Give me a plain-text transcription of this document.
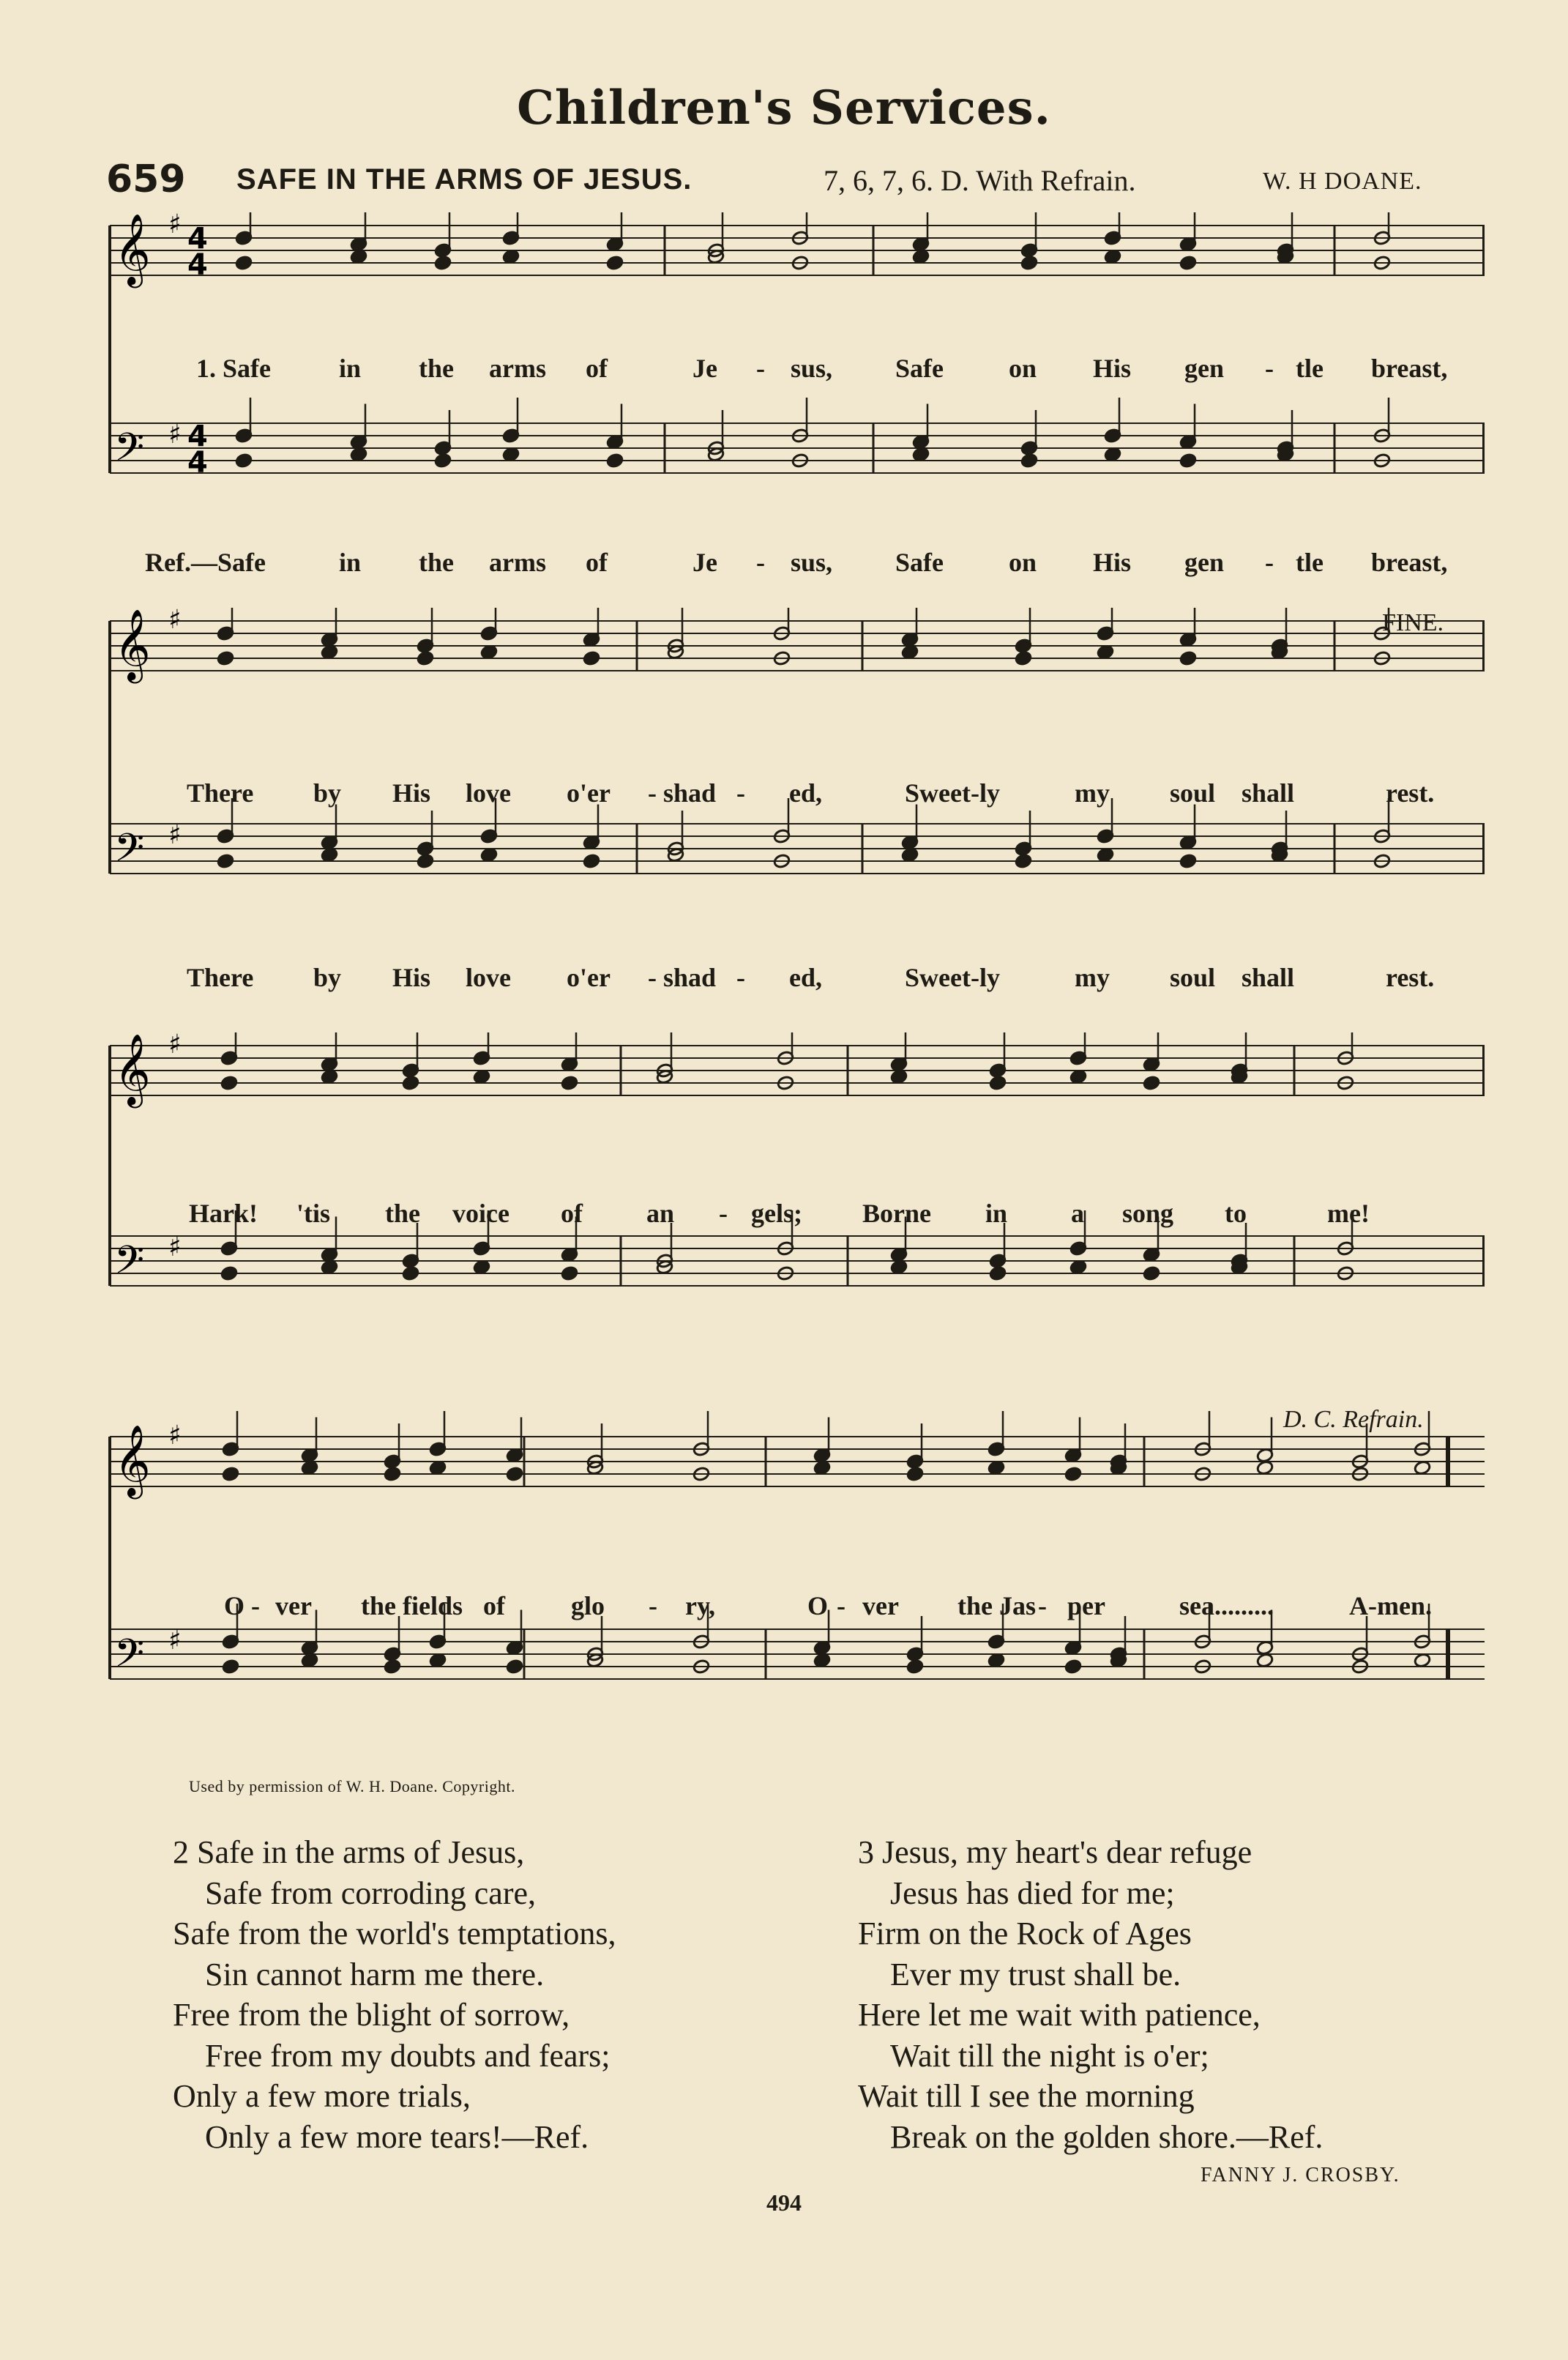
Children's Services.
659 SAFE IN THE ARMS OF JESUS.	7, 6, 7, 6. D. With Refrain.	W. H DOANE.
𝄞 ♯ 4
4
𝄢 ♯ 4
4
1. Safe	in the arms of	Je - sus, Safe on His gen - tle breast,
Ref.—Safe	in the arms of	Je - sus, Safe on His gen - tle breast,
𝄞 ♯
𝄢 ♯
FINE.
There by His love o'er - shad - ed,	Sweet-ly	my soul shall	rest.
There by His love o'er - shad - ed,	Sweet-ly	my soul shall	rest.
𝄞 ♯
𝄢 ♯
Hark! 'tis the voice of an - gels; Borne in a song to	me!
𝄞 ♯
𝄢 ♯
D. C. Refrain.
O - ver the fields of	glo - ry,	O - ver the Jas - per	sea.........	A-men.
Used by permission of W. H. Doane. Copyright.
2 Safe in the arms of Jesus,
Safe from corroding care,
Safe from the world's temptations,
Sin cannot harm me there.
Free from the blight of sorrow,
Free from my doubts and fears;
Only a few more trials,
Only a few more tears!—Ref.
3 Jesus, my heart's dear refuge
Jesus has died for me;
Firm on the Rock of Ages
Ever my trust shall be.
Here let me wait with patience,
Wait till the night is o'er;
Wait till I see the morning
Break on the golden shore.—Ref.
FANNY J. CROSBY.
494
